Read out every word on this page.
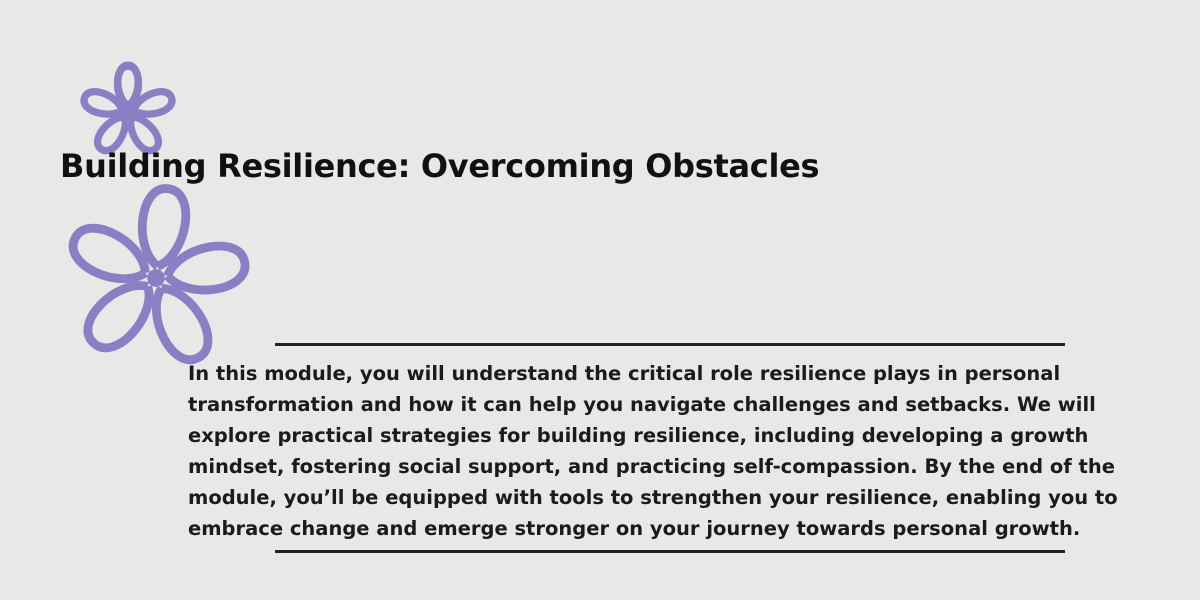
Building Resilience: Overcoming Obstacles

In this module, you will understand the critical role resilience plays in personal transformation and how it can help you navigate challenges and setbacks. We will explore practical strategies for building resilience, including developing a growth mindset, fostering social support, and practicing self-compassion. By the end of the module, you’ll be equipped with tools to strengthen your resilience, enabling you to embrace change and emerge stronger on your journey towards personal growth.
